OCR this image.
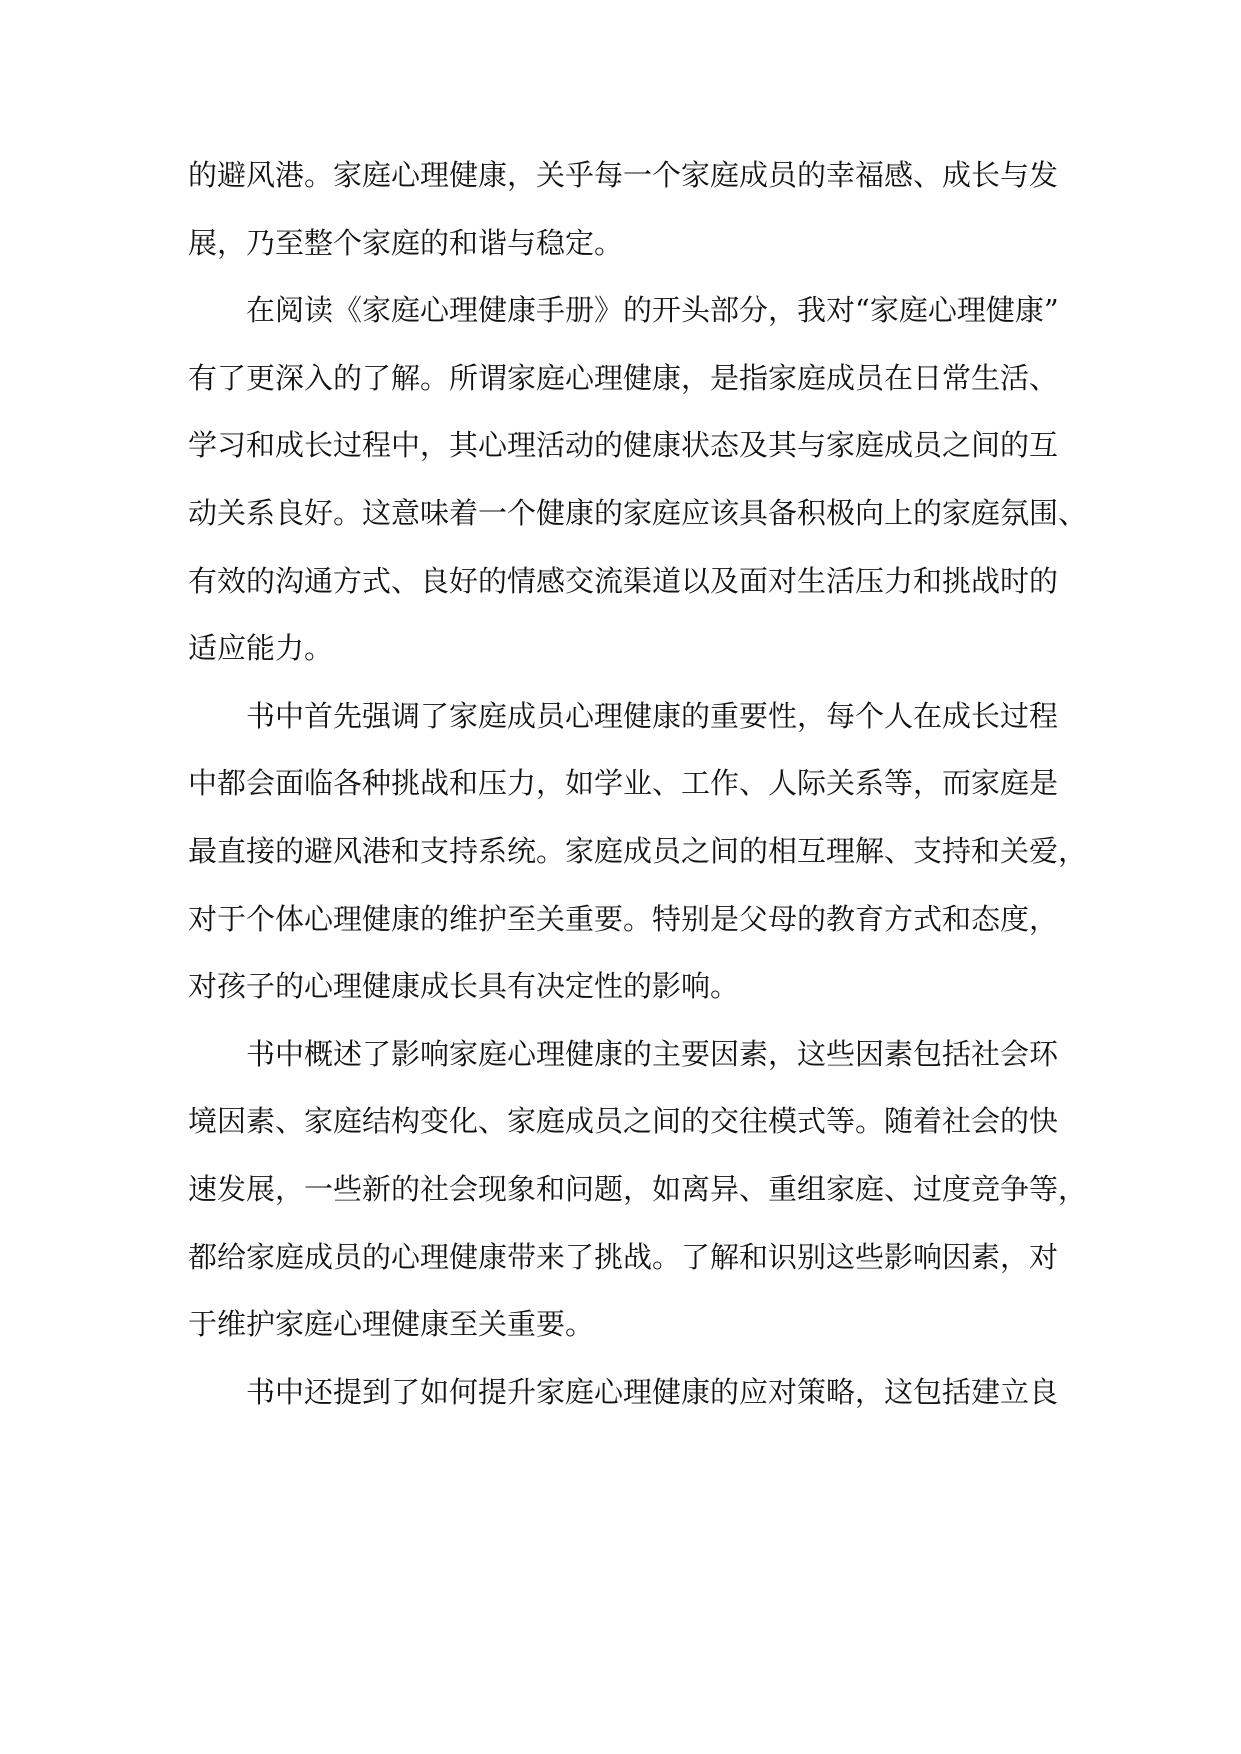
的避风港。家庭心理健康，关乎每一个家庭成员的幸福感、成长与发
展，乃至整个家庭的和谐与稳定。
在阅读《家庭心理健康手册》的开头部分，我对“家庭心理健康”
有了更深入的了解。所谓家庭心理健康，是指家庭成员在日常生活、
学习和成长过程中，其心理活动的健康状态及其与家庭成员之间的互
动关系良好。这意味着一个健康的家庭应该具备积极向上的家庭氛围、
有效的沟通方式、良好的情感交流渠道以及面对生活压力和挑战时的
适应能力。
书中首先强调了家庭成员心理健康的重要性，每个人在成长过程
中都会面临各种挑战和压力，如学业、工作、人际关系等，而家庭是
最直接的避风港和支持系统。家庭成员之间的相互理解、支持和关爱，
对于个体心理健康的维护至关重要。特别是父母的教育方式和态度，
对孩子的心理健康成长具有决定性的影响。
书中概述了影响家庭心理健康的主要因素，这些因素包括社会环
境因素、家庭结构变化、家庭成员之间的交往模式等。随着社会的快
速发展，一些新的社会现象和问题，如离异、重组家庭、过度竞争等，
都给家庭成员的心理健康带来了挑战。了解和识别这些影响因素，对
于维护家庭心理健康至关重要。
书中还提到了如何提升家庭心理健康的应对策略，这包括建立良
